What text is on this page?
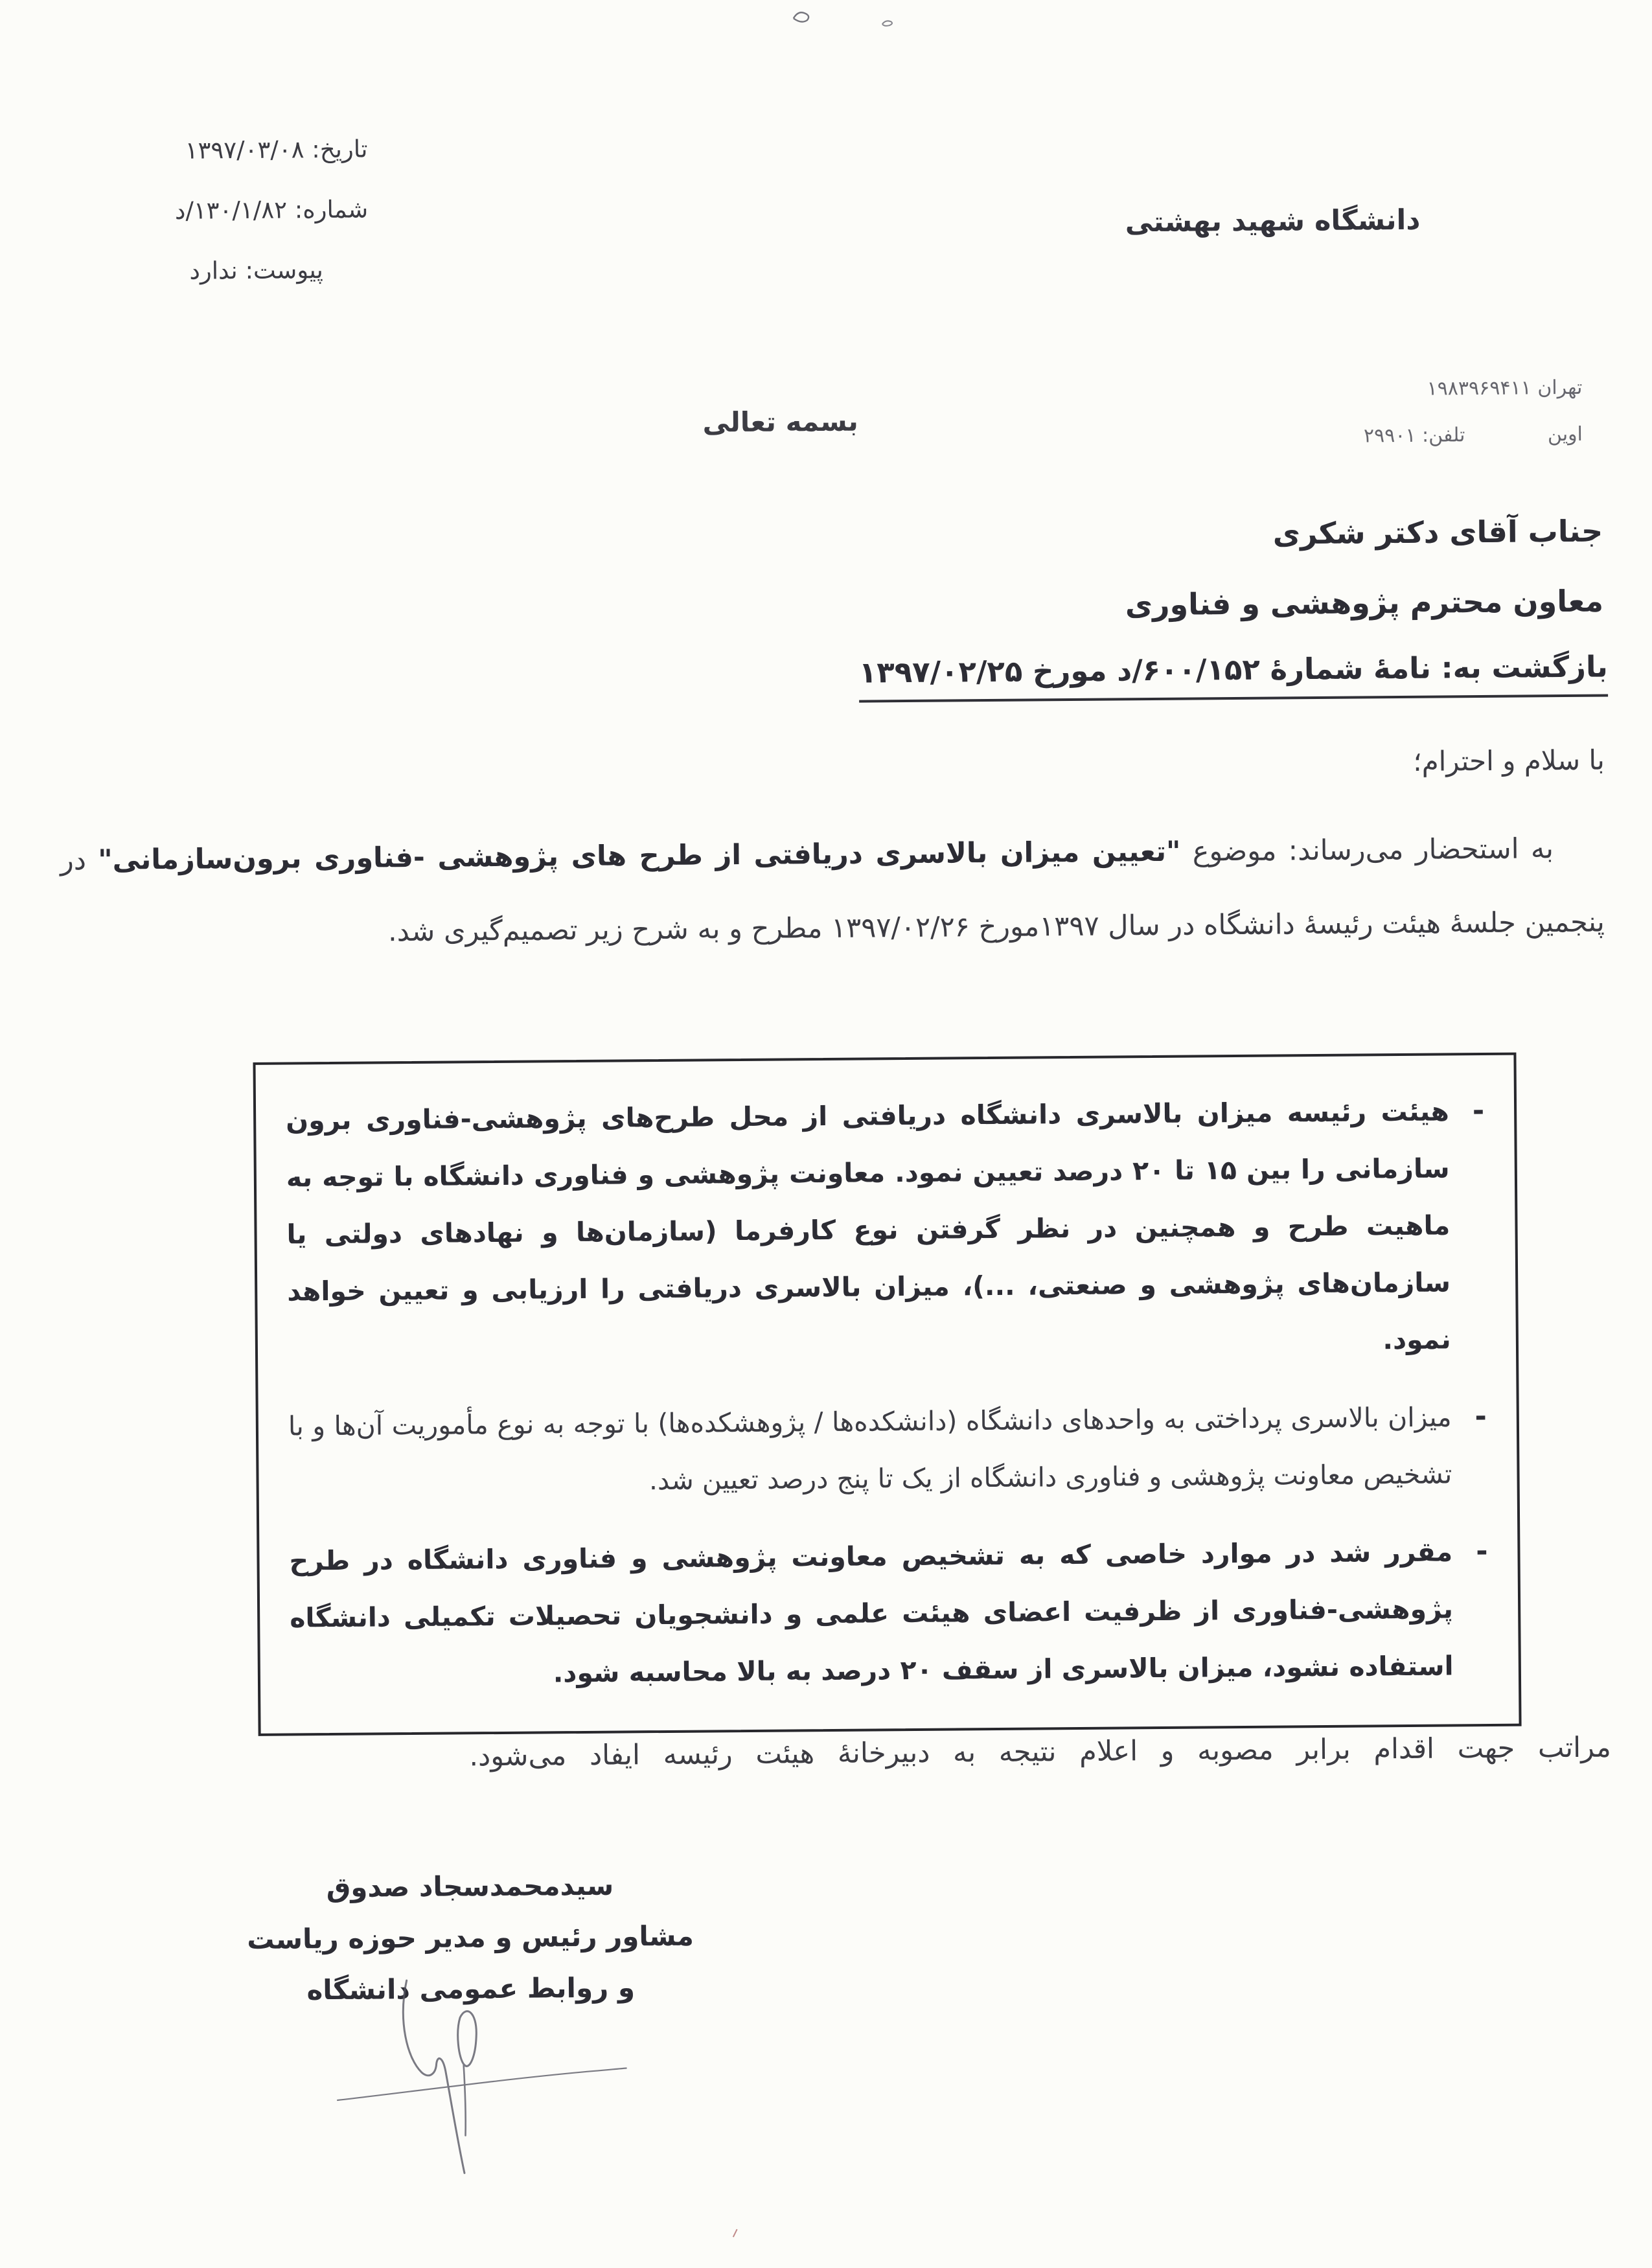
تاریخ: ۱۳۹۷/۰۳/۰۸
شماره: ۱۳۰/۱/۸۲/د
پیوست: ندارد
دانشگاه شهید بهشتی
تهران ۱۹۸۳۹۶۹۴۱۱
اوین
تلفن: ۲۹۹۰۱
بسمه تعالی
جناب آقای دکتر شکری
معاون محترم پژوهشی و فناوری
بازگشت به: نامهٔ شمارهٔ ۶۰۰/۱۵۲/د مورخ ۱۳۹۷/۰۲/۲۵
با سلام و احترام؛

به استحضار می‌رساند: موضوع "تعیین میزان بالاسری دریافتی از طرح های پژوهشی -فناوری برون‌سازمانی" در پنجمین جلسهٔ هیئت رئیسهٔ دانشگاه در سال ۱۳۹۷مورخ ۱۳۹۷/۰۲/۲۶ مطرح و به شرح زیر تصمیم‌گیری شد.

-

هیئت رئیسه میزان بالاسری دانشگاه دریافتی از محل طرح‌های پژوهشی-فناوری برون سازمانی را بین ۱۵ تا ۲۰ درصد تعیین نمود. معاونت پژوهشی و فناوری دانشگاه با توجه به ماهیت طرح و همچنین در نظر گرفتن نوع کارفرما (سازمان‌ها و نهادهای دولتی یا سازمان‌های پژوهشی و صنعتی، ...)، میزان بالاسری دریافتی را ارزیابی و تعیین خواهد نمود.

-

میزان بالاسری پرداختی به واحدهای دانشگاه (دانشکده‌ها / پژوهشکده‌ها) با توجه به نوع مأموریت آن‌ها و با تشخیص معاونت پژوهشی و فناوری دانشگاه از یک تا پنج درصد تعیین شد.

-

مقرر شد در موارد خاصی که به تشخیص معاونت پژوهشی و فناوری دانشگاه در طرح پژوهشی-فناوری از ظرفیت اعضای هیئت علمی و دانشجویان تحصیلات تکمیلی دانشگاه استفاده نشود، میزان بالاسری از سقف ۲۰ درصد به بالا محاسبه شود.

مراتب جهت اقدام برابر مصوبه و اعلام نتیجه به دبیرخانهٔ هیئت رئیسه ایفاد می‌شود.
سیدمحمدسجاد صدوق
مشاور رئیس و مدیر حوزه ریاست
و روابط عمومی دانشگاه
